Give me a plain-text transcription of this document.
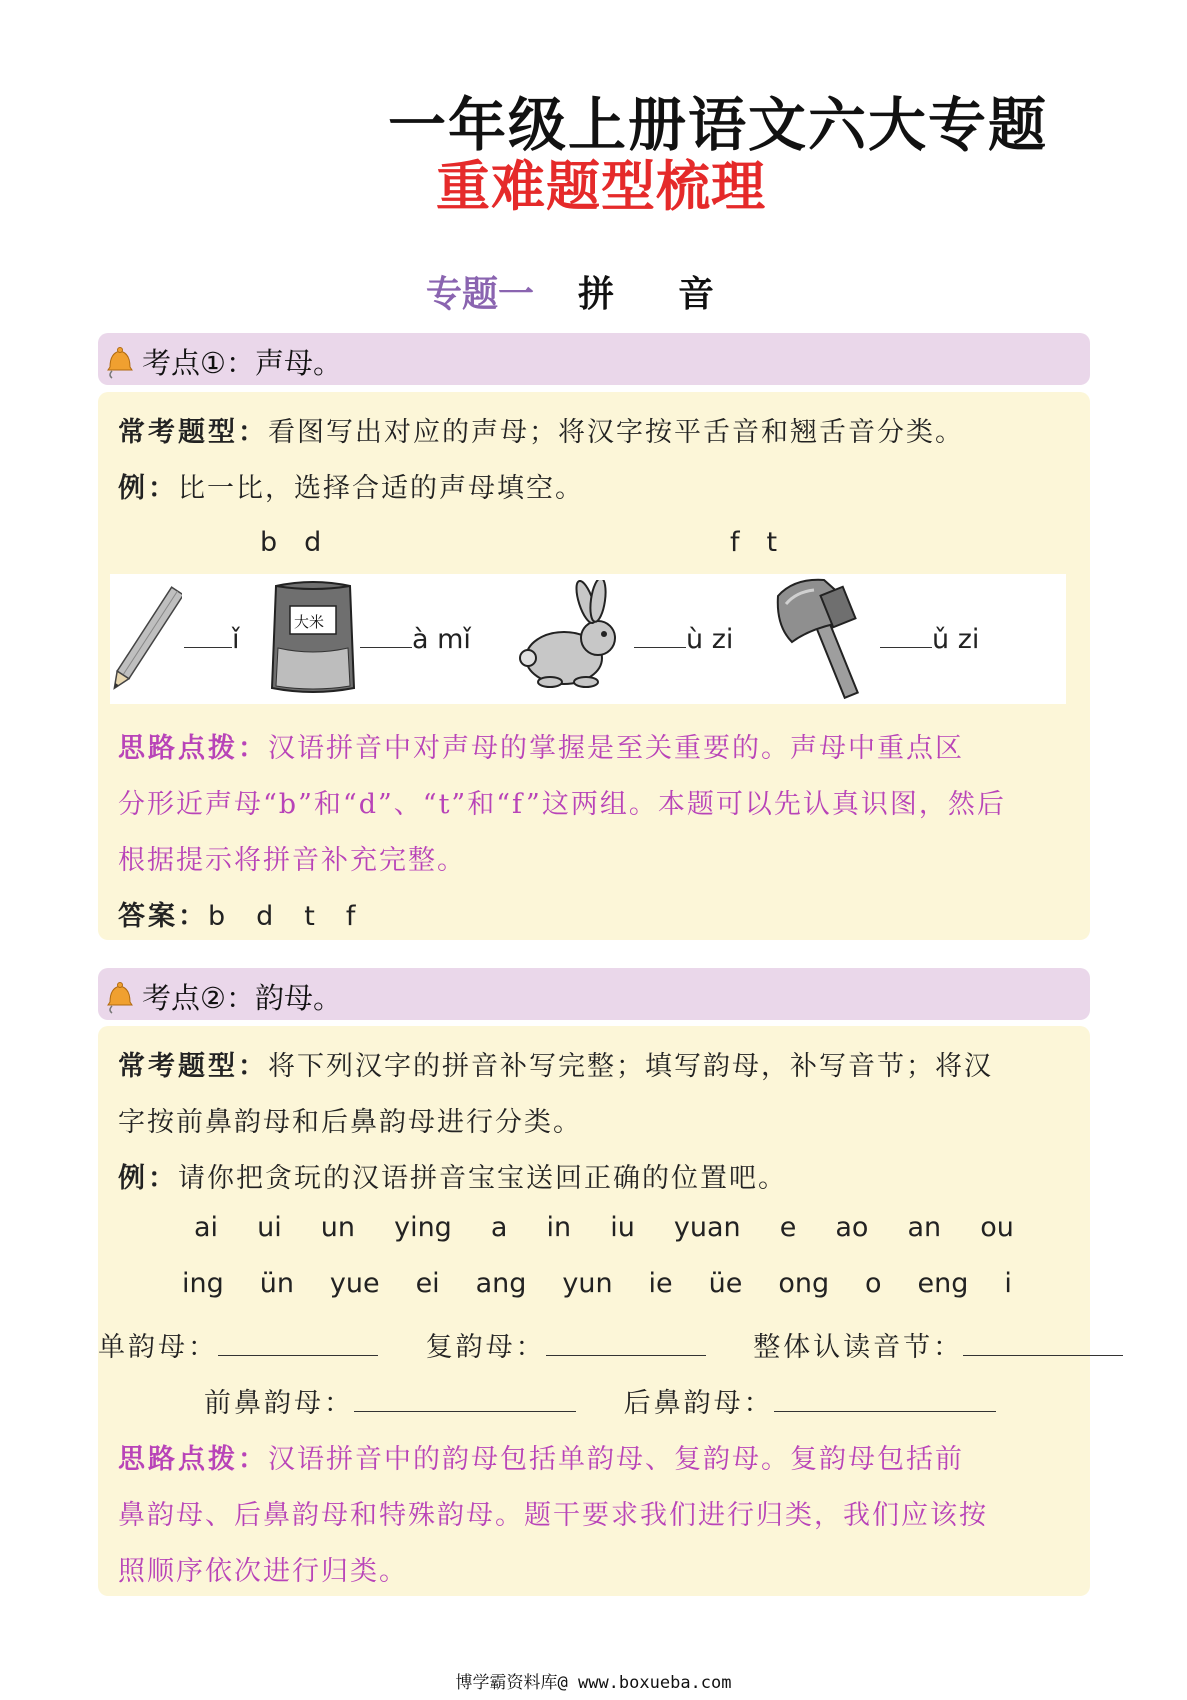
一年级上册语文六大专题
重难题型梳理
专题一 拼音
考点①：声母。
常考题型：看图写出对应的声母；将汉字按平舌音和翘舌音分类。
例：比一比，选择合适的声母填空。
b　d	f　t
ǐ
大米
à mǐ	ù zi	ǔ zi
思路点拨：汉语拼音中对声母的掌握是至关重要的。声母中重点区
分形近声母“b”和“d”、“t”和“f”这两组。本题可以先认真识图，然后
根据提示将拼音补充完整。
答案：b　d　t　f
考点②：韵母。
常考题型：将下列汉字的拼音补写完整；填写韵母，补写音节；将汉
字按前鼻韵母和后鼻韵母进行分类。
例：请你把贪玩的汉语拼音宝宝送回正确的位置吧。
ai ui un ying a in iu yuan e ao an ou
ing ün yue ei ang yun ie üe ong o eng i
单韵母：	复韵母：	整体认读音节：
前鼻韵母：	后鼻韵母：
思路点拨：汉语拼音中的韵母包括单韵母、复韵母。复韵母包括前
鼻韵母、后鼻韵母和特殊韵母。题干要求我们进行归类，我们应该按
照顺序依次进行归类。
博学霸资料库@ www.boxueba.com
